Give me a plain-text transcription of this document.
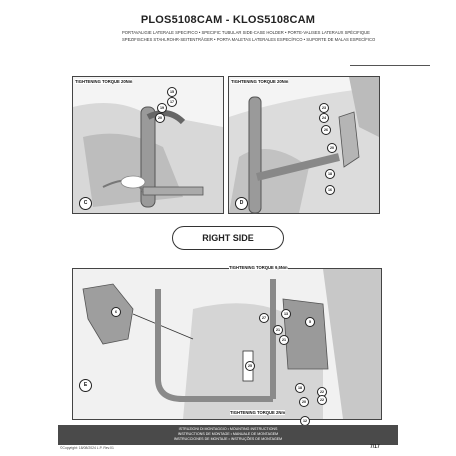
PLOS5108CAM - KLOS5108CAM
PORTAVALIGIE LATERALE SPECIFICO • SPECIFIC TUBULAR SIDE-CASE HOLDER • PORTE-VALISES LATERAUX SPÉCIFIQUE
SPEZIFISCHES STAHLROHR-SEITENTRÄGER • PORTA MALETAS LATERALES ESPECÍFICO • SUPORTE DE MALAS ESPECÍFICO
TIGHTENING TORQUE 20Nm
15
17
19
20
C
TIGHTENING TORQUE 20Nm
23
24
26
20
18
16
D
RIGHT SIDE
TIGHTENING TORQUE 9,5Nm
6
27
13
5
21
21
25
18
22
22
20
E
TIGHTENING TORQUE 2Nm
12
ISTRUZIONI DI MONTAGGIO • MOUNTING INSTRUCTIONS
INSTRUCTIONS DE MONTAGE • MANUALE DE MONTAGEM
INSTRUCCIONES DE MONTAJE • INSTRUÇÕES DE MONTAGEM
©Copyright: 18/08/2024 L.P. Rev.01	7/17
